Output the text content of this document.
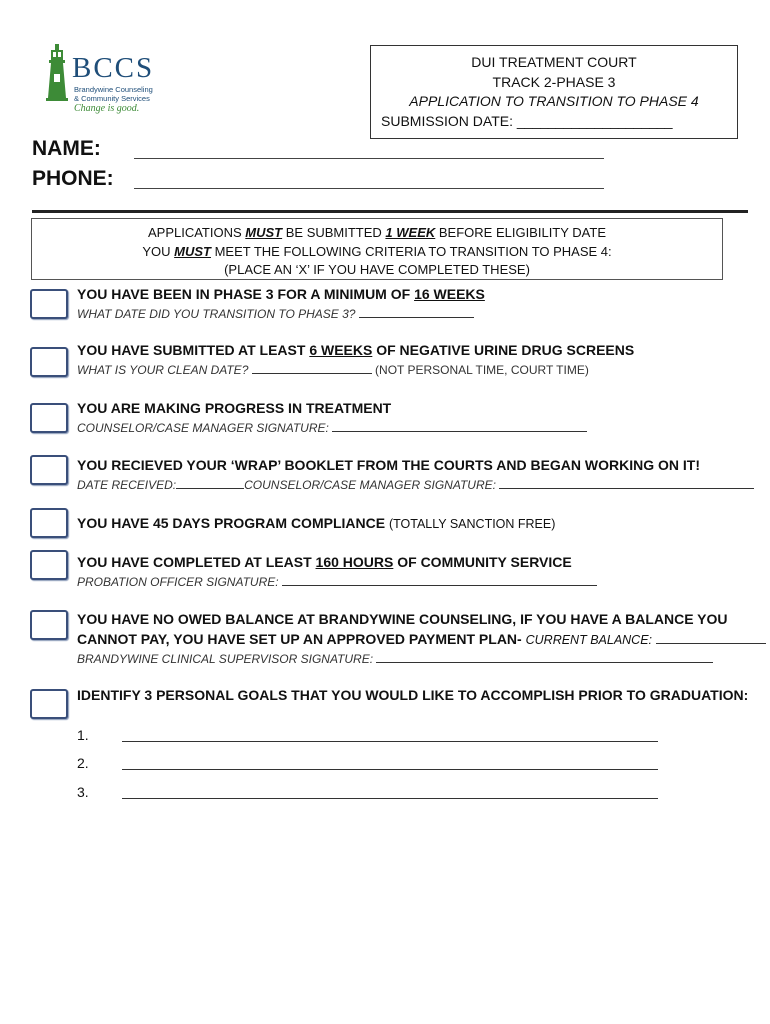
BCCS
Brandywine Counseling
& Community Services
Change is good.
DUI TREATMENT COURT
TRACK 2-PHASE 3
APPLICATION TO TRANSITION TO PHASE 4
SUBMISSION DATE: ____________________
NAME:
PHONE:
APPLICATIONS MUST BE SUBMITTED 1 WEEK BEFORE ELIGIBILITY DATE
YOU MUST MEET THE FOLLOWING CRITERIA TO TRANSITION TO PHASE 4:
(PLACE AN ‘X’ IF YOU HAVE COMPLETED THESE)
YOU HAVE BEEN IN PHASE 3 FOR A MINIMUM OF 16 WEEKS
WHAT DATE DID YOU TRANSITION TO PHASE 3?
YOU HAVE SUBMITTED AT LEAST 6 WEEKS OF NEGATIVE URINE DRUG SCREENS
WHAT IS YOUR CLEAN DATE?	(NOT PERSONAL TIME, COURT TIME)
YOU ARE MAKING PROGRESS IN TREATMENT
COUNSELOR/CASE MANAGER SIGNATURE:
YOU RECIEVED YOUR ‘WRAP’ BOOKLET FROM THE COURTS AND BEGAN WORKING ON IT!
DATE RECEIVED:	COUNSELOR/CASE MANAGER SIGNATURE:
YOU HAVE 45 DAYS PROGRAM COMPLIANCE (TOTALLY SANCTION FREE)
YOU HAVE COMPLETED AT LEAST 160 HOURS OF COMMUNITY SERVICE
PROBATION OFFICER SIGNATURE:
YOU HAVE NO OWED BALANCE AT BRANDYWINE COUNSELING, IF YOU HAVE A BALANCE YOU
CANNOT PAY, YOU HAVE SET UP AN APPROVED PAYMENT PLAN- CURRENT BALANCE:
BRANDYWINE CLINICAL SUPERVISOR SIGNATURE:
IDENTIFY 3 PERSONAL GOALS THAT YOU WOULD LIKE TO ACCOMPLISH PRIOR TO GRADUATION:
1.
2.
3.
